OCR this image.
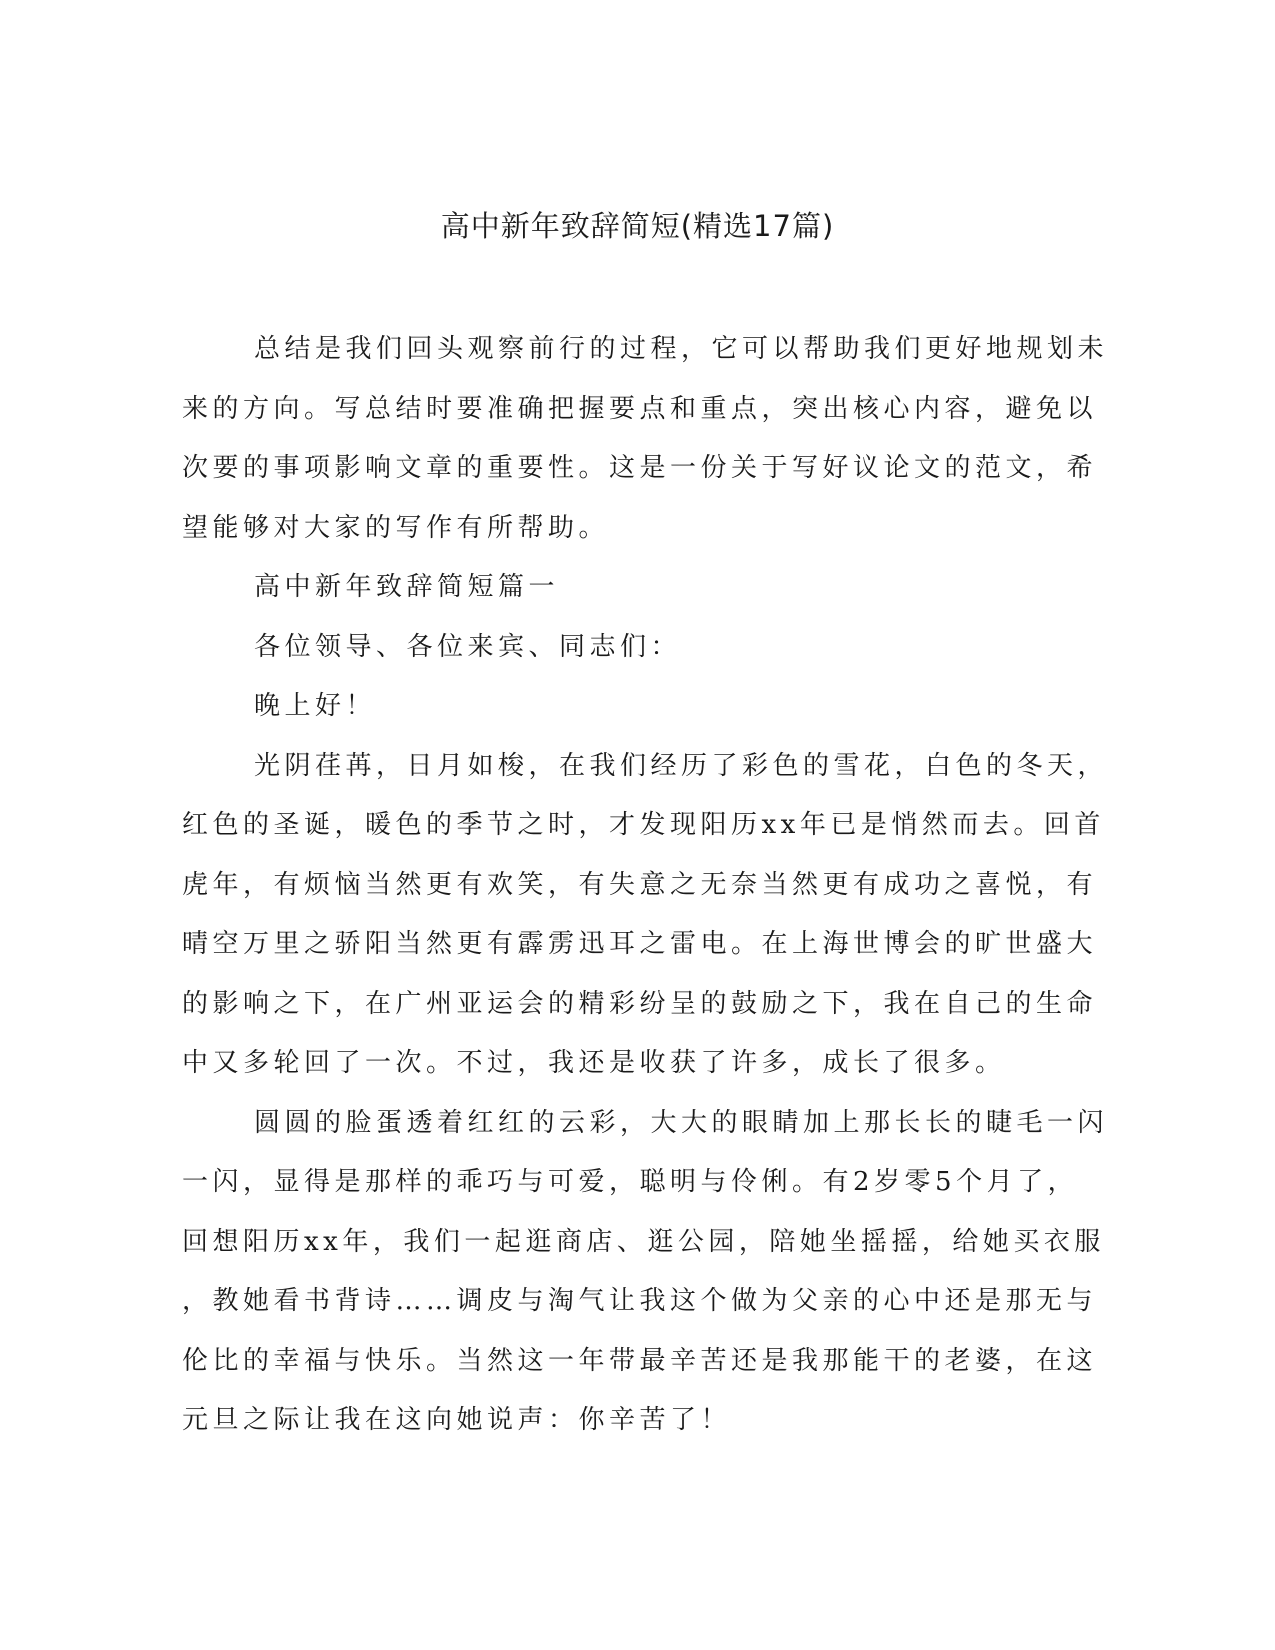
高中新年致辞简短(精选17篇)

总结是我们回头观察前行的过程，它可以帮助我们更好地规划未
来的方向。写总结时要准确把握要点和重点，突出核心内容，避免以
次要的事项影响文章的重要性。这是一份关于写好议论文的范文，希
望能够对大家的写作有所帮助。

高中新年致辞简短篇一

各位领导、各位来宾、同志们：

晚上好！

光阴荏苒，日月如梭，在我们经历了彩色的雪花，白色的冬天，
红色的圣诞，暖色的季节之时，才发现阳历xx年已是悄然而去。回首
虎年，有烦恼当然更有欢笑，有失意之无奈当然更有成功之喜悦，有
晴空万里之骄阳当然更有霹雳迅耳之雷电。在上海世博会的旷世盛大
的影响之下，在广州亚运会的精彩纷呈的鼓励之下，我在自己的生命
中又多轮回了一次。不过，我还是收获了许多，成长了很多。

圆圆的脸蛋透着红红的云彩，大大的眼睛加上那长长的睫毛一闪
一闪，显得是那样的乖巧与可爱，聪明与伶俐。有2岁零5个月了，
回想阳历xx年，我们一起逛商店、逛公园，陪她坐摇摇，给她买衣服
，教她看书背诗……调皮与淘气让我这个做为父亲的心中还是那无与
伦比的幸福与快乐。当然这一年带最辛苦还是我那能干的老婆，在这
元旦之际让我在这向她说声：你辛苦了！
